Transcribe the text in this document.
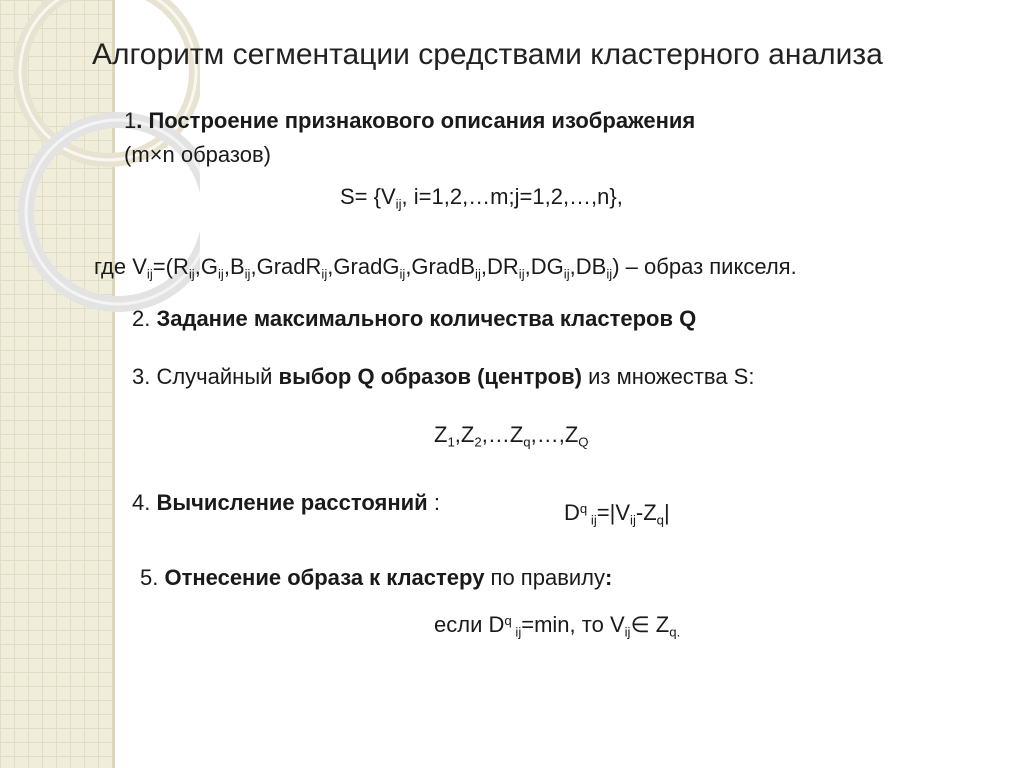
Алгоритм сегментации средствами кластерного анализа
1. Построение признакового описания изображения
(m×n образов)
$S= \{V_{ij}$, i=1,2,…m;j=1,2,…,n},
где $V_{ij}=(R_{ij},G_{ij},B_{ij},GradR_{ij},GradG_{ij},GradB_{ij},DR_{ij},DG_{ij},DB_{ij})$ – образ пикселя.
2. Задание максимального количества кластеров Q
3. Случайный выбор Q образов (центров) из множества S:
$Z_1,Z_2,\dots Z_q,\dots,Z_Q$
4. Вычисление расстояний :	$D^q$ $_{ij}=|V_{ij}-Z_q|$
5. Отнесение образа к кластеру по правилу:
если $D^q$ $_{ij}$=min, то $V_{ij}\in$ $Z_{q.}$
